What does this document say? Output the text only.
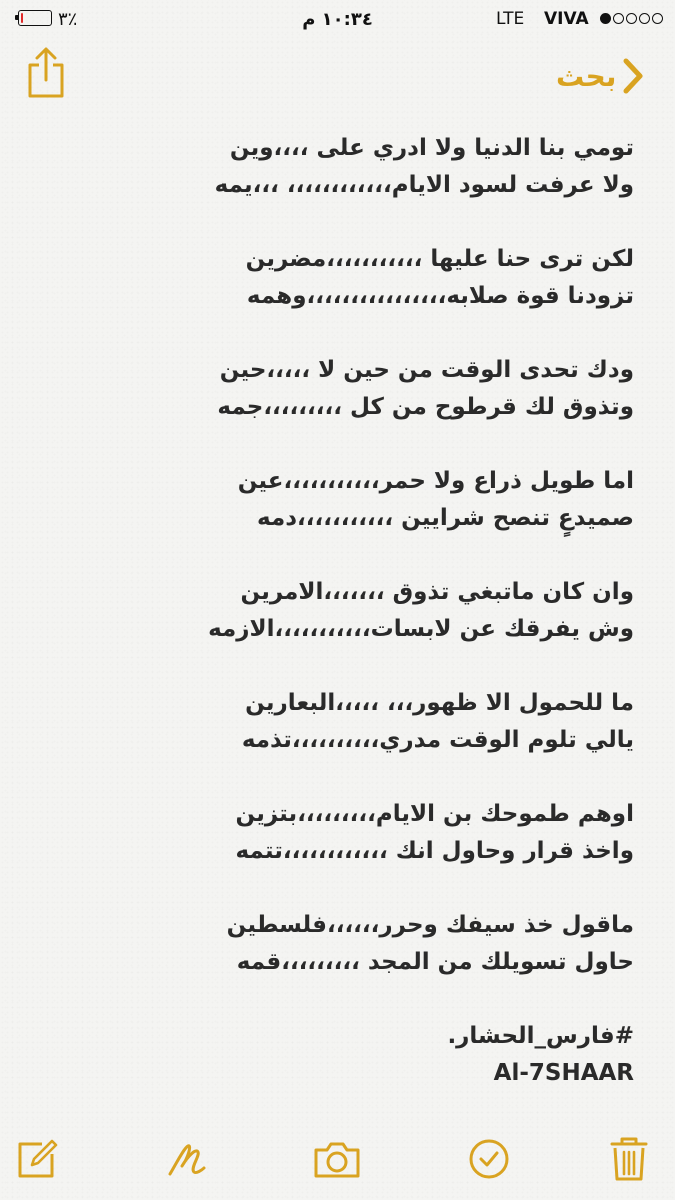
٣٪	١٠:٣٤ م	LTE VIVA
بحث
تومي بنا الدنيا ولا ادري على ،،،،وين
ولا عرفت لسود الايام،،،،،،،،،،،، ،،،يمه
لكن ترى حنا عليها ،،،،،،،،،،،مضرين
تزودنا قوة صلابه،،،،،،،،،،،،،،،،وهمه
ودك تحدى الوقت من حين لا ،،،،،حين
وتذوق لك قرطوح من كل ،،،،،،،،،جمه
اما طويل ذراع ولا حمر،،،،،،،،،،،عين
صميدعٍ تنصح شرايين ،،،،،،،،،،،دمه
وان كان ماتبغي تذوق ،،،،،،،الامرين
وش يفرقك عن لابسات،،،،،،،،،،،الازمه
ما للحمول الا ظهور،،، ،،،،،البعارين
يالي تلوم الوقت مدري،،،،،،،،،،تذمه
اوهم طموحك بن الايام،،،،،،،،،بتزين
واخذ قرار وحاول انك ،،،،،،،،،،،،تتمه
ماقول خذ سيفك وحرر،،،،،،فلسطين
حاول تسويلك من المجد ،،،،،،،،،قمه
#فارس_الحشار.
Al-7SHAAR
